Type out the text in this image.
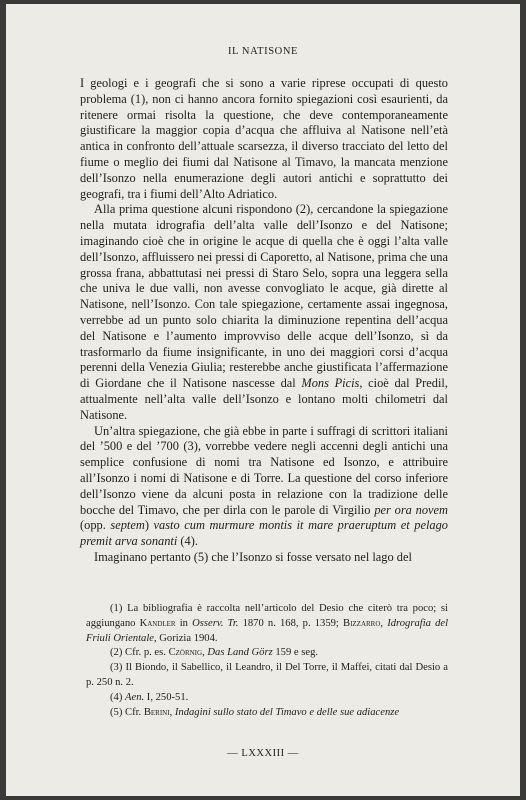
IL NATISONE

I geologi e i geografi che si sono a varie riprese occupati di questo problema (1), non ci hanno ancora fornito spiegazioni così esaurienti, da ritenere ormai risolta la questione, che deve contemporaneamente giustificare la maggior copia d’acqua che affluiva al Natisone nell’età antica in confronto dell’attuale scarsezza, il diverso tracciato del letto del fiume o meglio dei fiumi dal Natisone al Timavo, la mancata menzione dell’Isonzo nella enumerazione degli autori antichi e soprattutto dei geografi, tra i fiumi dell’Alto Adriatico.

Alla prima questione alcuni rispondono (2), cercandone la spiegazione nella mutata idrografia dell’alta valle dell’Isonzo e del Natisone; imaginando cioè che in origine le acque di quella che è oggi l’alta valle dell’Isonzo, affluissero nei pressi di Caporetto, al Natisone, prima che una grossa frana, abbattutasi nei pressi di Staro Selo, sopra una leggera sella che univa le due valli, non avesse convogliato le acque, già dirette al Natisone, nell’Isonzo. Con tale spiegazione, certamente assai ingegnosa, verrebbe ad un punto solo chiarita la diminuzione repentina dell’acqua del Natisone e l’aumento improvviso delle acque dell’Isonzo, sì da trasformarlo da fiume insignificante, in uno dei maggiori corsi d’acqua perenni della Venezia Giulia; resterebbe anche giustificata l’affermazione di Giordane che il Natisone nascesse dal Mons Picis, cioè dal Predil, attualmente nell’alta valle dell’Isonzo e lontano molti chilometri dal Natisone.

Un’altra spiegazione, che già ebbe in parte i suffragi di scrittori italiani del ’500 e del ’700 (3), vorrebbe vedere negli accenni degli antichi una semplice confusione di nomi tra Natisone ed Isonzo, e attribuire all’Isonzo i nomi di Natisone e di Torre. La questione del corso inferiore dell’Isonzo viene da alcuni posta in relazione con la tradizione delle bocche del Timavo, che per dirla con le parole di Virgilio per ora novem (opp. septem) vasto cum murmure montis it mare praeruptum et pelago premit arva sonanti (4).

Imaginano pertanto (5) che l’Isonzo si fosse versato nel lago del

(1) La bibliografia è raccolta nell’articolo del Desio che citerò tra poco; si aggiungano Kandler in Osserv. Tr. 1870 n. 168, p. 1359; Bizzarro, Idrografia del Friuli Orientale, Gorizia 1904.
(2) Cfr. p. es. Czörnig, Das Land Görz 159 e seg.
(3) Il Biondo, il Sabellico, il Leandro, il Del Torre, il Maffei, citati dal Desio a p. 250 n. 2.
(4) Aen. I, 250-51.
(5) Cfr. Berini, Indagini sullo stato del Timavo e delle sue adiacenze
— LXXXIII —
